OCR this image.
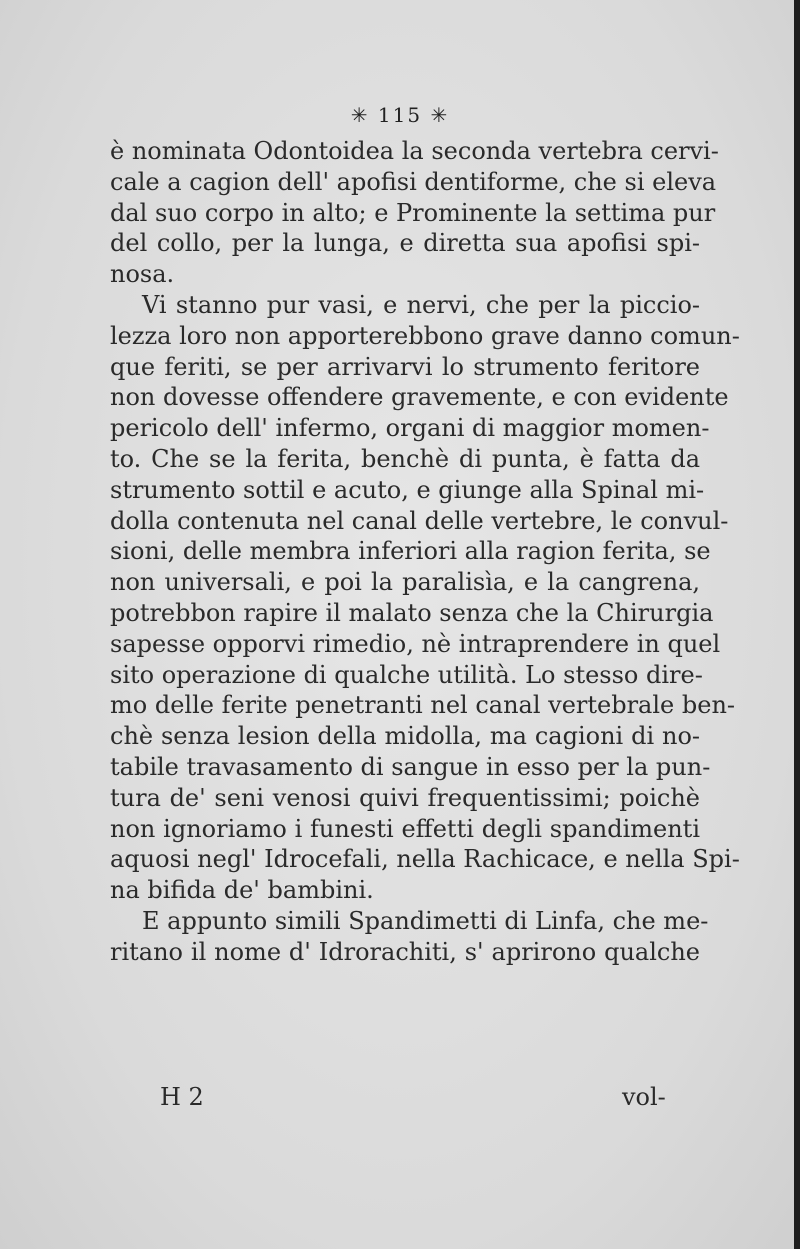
✳ 115 ✳
è nominata Odontoidea la seconda vertebra cervi-
cale a cagion dell' apofisi dentiforme, che si eleva
dal suo corpo in alto; e Prominente la settima pur
del collo, per la lunga, e diretta sua apofisi spi-
nosa.
Vi stanno pur vasi, e nervi, che per la piccio-
lezza loro non apporterebbono grave danno comun-
que feriti, se per arrivarvi lo strumento feritore
non dovesse offendere gravemente, e con evidente
pericolo dell' infermo, organi di maggior momen-
to. Che se la ferita, benchè di punta, è fatta da
strumento sottil e acuto, e giunge alla Spinal mi-
dolla contenuta nel canal delle vertebre, le convul-
sioni, delle membra inferiori alla ragion ferita, se
non universali, e poi la paralisìa, e la cangrena,
potrebbon rapire il malato senza che la Chirurgia
sapesse opporvi rimedio, nè intraprendere in quel
sito operazione di qualche utilità. Lo stesso dire-
mo delle ferite penetranti nel canal vertebrale ben-
chè senza lesion della midolla, ma cagioni di no-
tabile travasamento di sangue in esso per la pun-
tura de' seni venosi quivi frequentissimi; poichè
non ignoriamo i funesti effetti degli spandimenti
aquosi negl' Idrocefali, nella Rachicace, e nella Spi-
na bifida de' bambini.
E appunto simili Spandimetti di Linfa, che me-
ritano il nome d' Idrorachiti, s' aprirono qualche
H 2	vol-
